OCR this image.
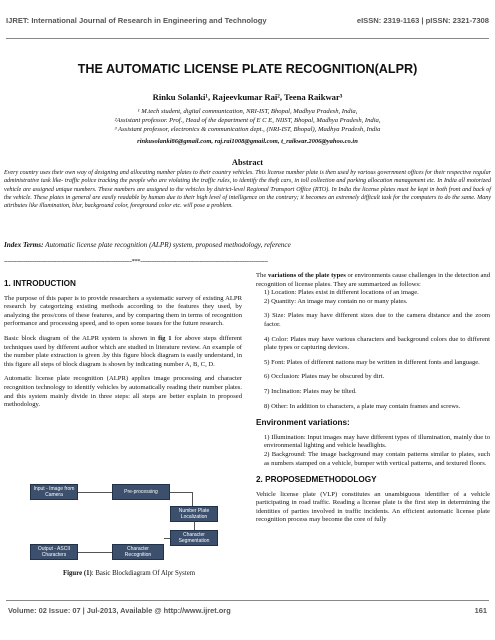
IJRET: International Journal of Research in Engineering and Technology	eISSN: 2319-1163 | pISSN: 2321-7308
THE AUTOMATIC LICENSE PLATE RECOGNITION(ALPR)
Rinku Solanki¹, Rajeevkumar Rai², Teena Raikwar³
¹ M.tech student, digital communication, NRI-IST, Bhopal, Madhya Pradesh, India,
²Assistant professor. Prof., Head of the department of E C E, NIIST, Bhopal, Madhya Pradesh, India,
³ Assistant professor, electronics & communication dept., (NRI-IST, Bhopal), Madhya Pradesh, India
rinkusolanki86@gmail.com, raj.rai1008@gmail.com, t_raikwar.2006@yahoo.co.in
Abstract
Every country uses their own way of designing and allocating number plates to their country vehicles. This license number plate is then used by various government offices for their respective regular administrative task like- traffic police tracking the people who are violating the traffic rules, to identify the theft cars, in toll collection and parking allocation management etc. In India all motorized vehicle are assigned unique numbers. These numbers are assigned to the vehicles by district-level Regional Transport Office (RTO). In India the license plates must be kept in both front and back of the vehicle. These plates in general are easily readable by human due to their high level of intelligence on the contrary; it becomes an extremely difficult task for the computers to do the same. Many attributes like illumination, blur, background color, foreground color etc. will pose a problem.
Index Terms: Automatic license plate recognition (ALPR) system, proposed methodology, reference
-----------------------------------------------------------------------***-----------------------------------------------------------------------
1. INTRODUCTION

The purpose of this paper is to provide researchers a systematic survey of existing ALPR research by categorizing existing methods according to the features they used, by analyzing the pros/cons of these features, and by comparing them in terms of recognition performance and processing speed, and to open some issues for the future research.

Basic block diagram of the ALPR system is shown in fig 1 for above steps different techniques used by different author which are studied in literature review. An example of the number plate extraction is given .by this figure block diagram is easily understand, in this figure all steps of block diagram is shown by indicating number A, B, C, D.

Automatic license plate recognition (ALPR) applies image processing and character recognition technology to identify vehicles by automatically reading their number plates. and this system mainly divide in three steps: all steps are better explain in proposed methodology.

Input - Image from Camera	Pre-processing
Number Plate Localization
Character Segmentation
Character Recognition
Output - ASCII Characters
Figure (1): Basic Blockdiagram Of Alpr System

The variations of the plate types or environments cause challenges in the detection and recognition of license plates. They are summarized as follows:

1) Location: Plates exist in different locations of an image.

2) Quantity: An image may contain no or many plates.

3) Size: Plates may have different sizes due to the camera distance and the zoom factor.

4) Color: Plates may have various characters and background colors due to different plate types or capturing devices.

5) Font: Plates of different nations may be written in different fonts and language.

6) Occlusion: Plates may be obscured by dirt.

7) Inclination: Plates may be tilted.

8) Other: In addition to characters, a plate may contain frames and screws.

Environment variations:

1) Illumination: Input images may have different types of illumination, mainly due to environmental lighting and vehicle headlights.

2) Background: The image background may contain patterns similar to plates, such as numbers stamped on a vehicle, bumper with vertical patterns, and textured floors.

2. PROPOSEDMETHODOLOGY

Vehicle license plate (VLP) constitutes an unambiguous identifier of a vehicle participating in road traffic. Reading a license plate is the first step in determining the identities of parties involved in traffic incidents. An efficient automatic license plate recognition process may become the core of fully

Volume: 02 Issue: 07 | Jul-2013, Available @ http://www.ijret.org	161
